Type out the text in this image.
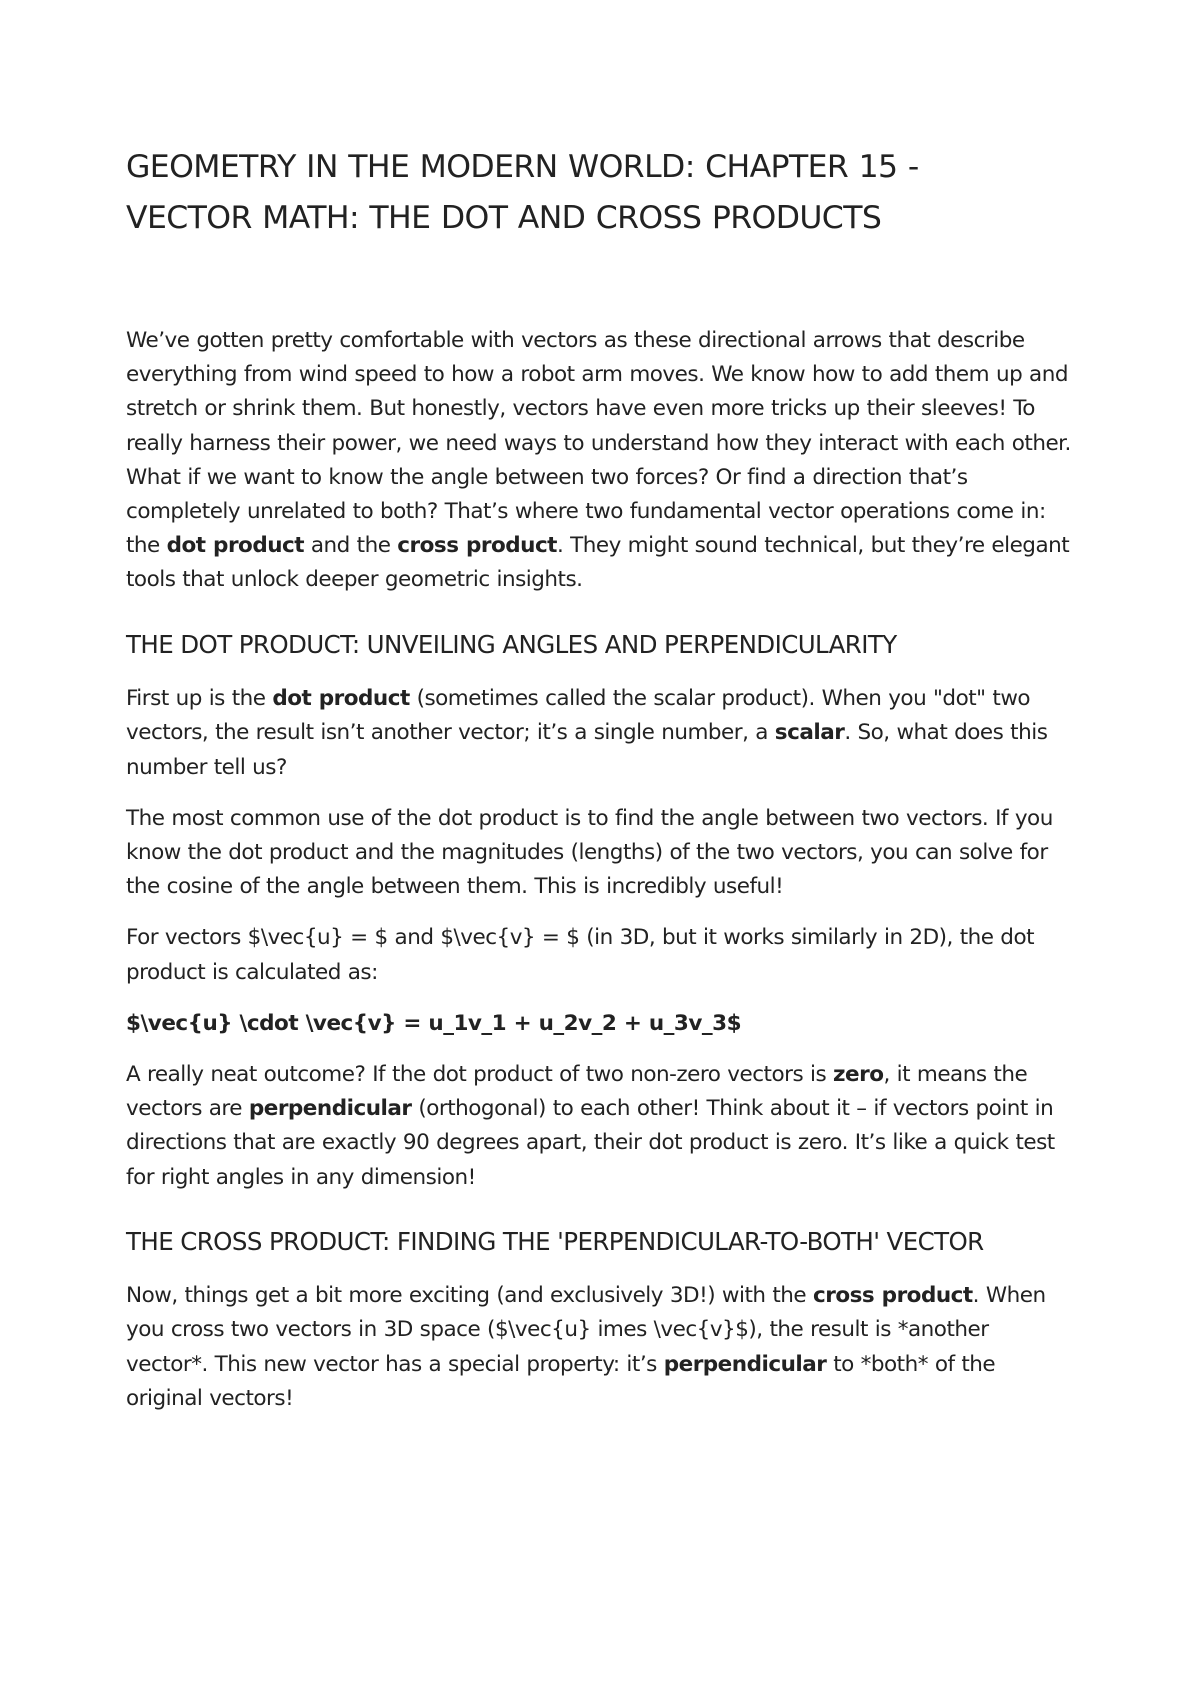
GEOMETRY IN THE MODERN WORLD: CHAPTER 15 -
VECTOR MATH: THE DOT AND CROSS PRODUCTS

We’ve gotten pretty comfortable with vectors as these directional arrows that describe everything from wind speed to how a robot arm moves. We know how to add them up and stretch or shrink them. But honestly, vectors have even more tricks up their sleeves! To really harness their power, we need ways to understand how they interact with each other. What if we want to know the angle between two forces? Or find a direction that’s completely unrelated to both? That’s where two fundamental vector operations come in: the dot product and the cross product. They might sound technical, but they’re elegant tools that unlock deeper geometric insights.

THE DOT PRODUCT: UNVEILING ANGLES AND PERPENDICULARITY

First up is the dot product (sometimes called the scalar product). When you "dot" two vectors, the result isn’t another vector; it’s a single number, a scalar. So, what does this number tell us?

The most common use of the dot product is to find the angle between two vectors. If you know the dot product and the magnitudes (lengths) of the two vectors, you can solve for the cosine of the angle between them. This is incredibly useful!

For vectors $\vec{u} = $ and $\vec{v} = $ (in 3D, but it works similarly in 2D), the dot product is calculated as:

$\vec{u} \cdot \vec{v} = u_1v_1 + u_2v_2 + u_3v_3$

A really neat outcome? If the dot product of two non-zero vectors is zero, it means the vectors are perpendicular (orthogonal) to each other! Think about it – if vectors point in directions that are exactly 90 degrees apart, their dot product is zero. It’s like a quick test for right angles in any dimension!

THE CROSS PRODUCT: FINDING THE 'PERPENDICULAR-TO-BOTH' VECTOR

Now, things get a bit more exciting (and exclusively 3D!) with the cross product. When you cross two vectors in 3D space ($\vec{u} imes \vec{v}$), the result is *another vector*. This new vector has a special property: it’s perpendicular to *both* of the original vectors!
